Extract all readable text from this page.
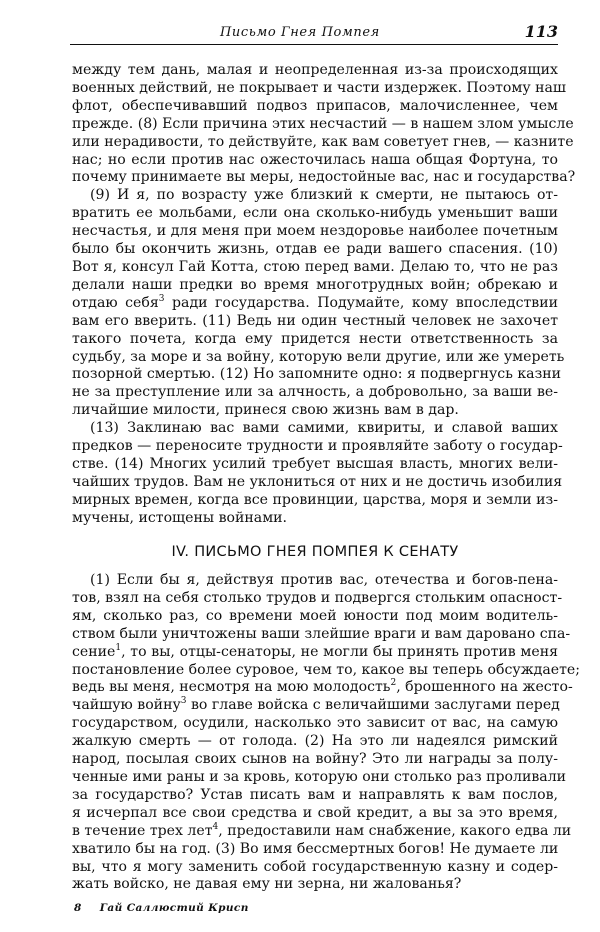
Письмо Гнея Помпея	113
между тем дань, малая и неопределенная из-за происходящих
военных действий, не покрывает и части издержек. Поэтому наш
флот, обеспечивавший подвоз припасов, малочисленнее, чем
прежде. (8) Если причина этих несчастий — в нашем злом умысле
или нерадивости, то действуйте, как вам советует гнев, — казните
нас; но если против нас ожесточилась наша общая Фортуна, то
почему принимаете вы меры, недостойные вас, нас и государства?
(9) И я, по возрасту уже близкий к смерти, не пытаюсь от-
вратить ее мольбами, если она сколько-нибудь уменьшит ваши
несчастья, и для меня при моем нездоровье наиболее почетным
было бы окончить жизнь, отдав ее ради вашего спасения. (10)
Вот я, консул Гай Котта, стою перед вами. Делаю то, что не раз
делали наши предки во время многотрудных войн; обрекаю и
отдаю себя$^3$ ради государства. Подумайте, кому впоследствии
вам его вверить. (11) Ведь ни один честный человек не захочет
такого почета, когда ему придется нести ответственность за
судьбу, за море и за войну, которую вели другие, или же умереть
позорной смертью. (12) Но запомните одно: я подвергнусь казни
не за преступление или за алчность, а добровольно, за ваши ве-
личайшие милости, принеся свою жизнь вам в дар.
(13) Заклинаю вас вами самими, квириты, и славой ваших
предков — переносите трудности и проявляйте заботу о государ-
стве. (14) Многих усилий требует высшая власть, многих вели-
чайших трудов. Вам не уклониться от них и не достичь изобилия
мирных времен, когда все провинции, царства, моря и земли из-
мучены, истощены войнами.
IV. ПИСЬМО ГНЕЯ ПОМПЕЯ К СЕНАТУ
(1) Если бы я, действуя против вас, отечества и богов-пена-
тов, взял на себя столько трудов и подвергся стольким опасност-
ям, сколько раз, со времени моей юности под моим водитель-
ством были уничтожены ваши злейшие враги и вам даровано спа-
сение$^1$, то вы, отцы-сенаторы, не могли бы принять против меня
постановление более суровое, чем то, какое вы теперь обсуждаете;
ведь вы меня, несмотря на мою молодость$^2$, брошенного на жесто-
чайшую войну$^3$ во главе войска с величайшими заслугами перед
государством, осудили, насколько это зависит от вас, на самую
жалкую смерть — от голода. (2) На это ли надеялся римский
народ, посылая своих сынов на войну? Это ли награды за полу-
ченные ими раны и за кровь, которую они столько раз проливали
за государство? Устав писать вам и направлять к вам послов,
я исчерпал все свои средства и свой кредит, а вы за это время,
в течение трех лет$^4$, предоставили нам снабжение, какого едва ли
хватило бы на год. (3) Во имя бессмертных богов! Не думаете ли
вы, что я могу заменить собой государственную казну и содер-
жать войско, не давая ему ни зерна, ни жалованья?
8 Гай Саллюстий Крисп
